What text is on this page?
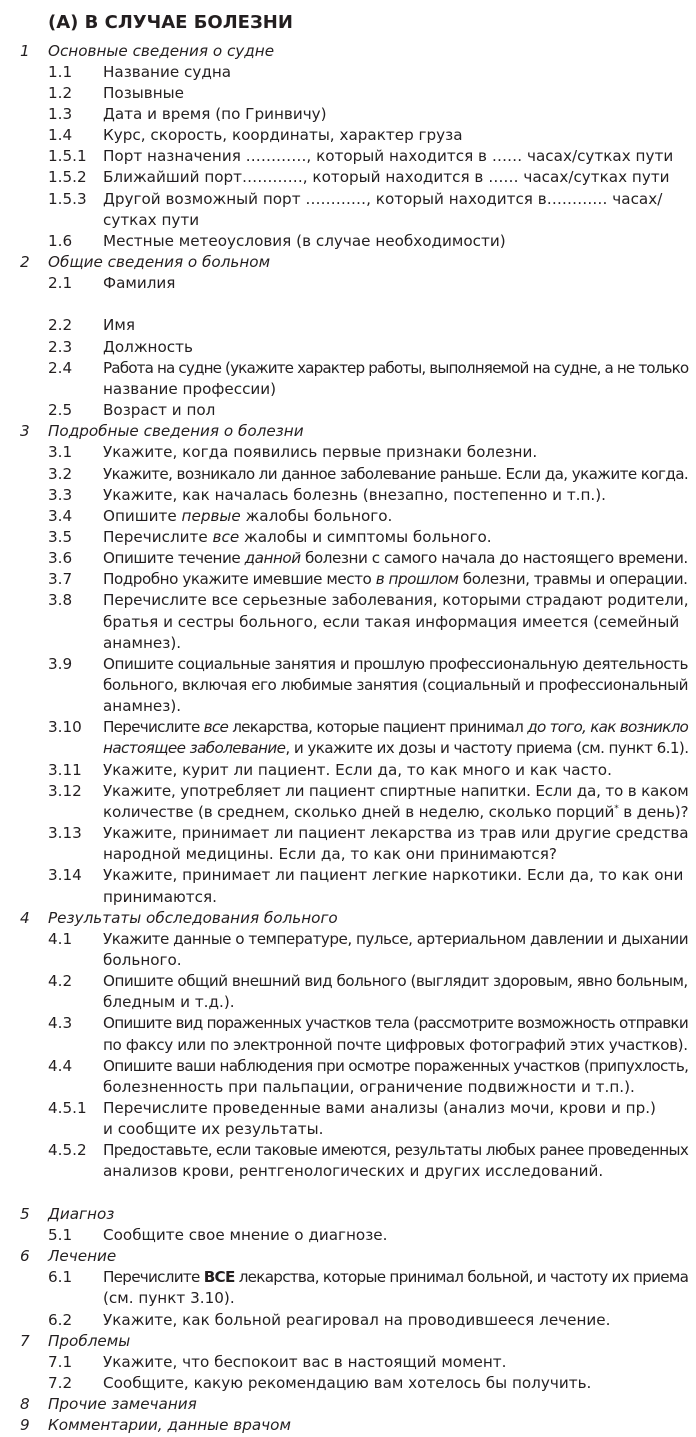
(А) В СЛУЧАЕ БОЛЕЗНИ
1 Основные сведения о судне
1.1 Название судна
1.2 Позывные
1.3 Дата и время (по Гринвичу)
1.4 Курс, скорость, координаты, характер груза
1.5.1 Порт назначения …………, который находится в …… часах/сутках пути
1.5.2 Ближайший порт…………, который находится в …… часах/сутках пути
1.5.3 Другой возможный порт …………, который находится в………… часах/
сутках пути
1.6 Местные метеоусловия (в случае необходимости)
2 Общие сведения о больном
2.1 Фамилия
2.2 Имя
2.3 Должность
2.4 Работа на судне (укажите характер работы, выполняемой на судне, а не только
название профессии)
2.5 Возраст и пол
3 Подробные сведения о болезни
3.1 Укажите, когда появились первые признаки болезни.
3.2 Укажите, возникало ли данное заболевание раньше. Если да, укажите когда.
3.3 Укажите, как началась болезнь (внезапно, постепенно и т.п.).
3.4 Опишите первые жалобы больного.
3.5 Перечислите все жалобы и симптомы больного.
3.6 Опишите течение данной болезни с самого начала до настоящего времени.
3.7 Подробно укажите имевшие место в прошлом болезни, травмы и операции.
3.8 Перечислите все серьезные заболевания, которыми страдают родители,
братья и сестры больного, если такая информация имеется (семейный
анамнез).
3.9 Опишите социальные занятия и прошлую профессиональную деятельность
больного, включая его любимые занятия (социальный и профессиональный
анамнез).
3.10 Перечислите все лекарства, которые пациент принимал до того, как возникло
настоящее заболевание, и укажите их дозы и частоту приема (см. пункт 6.1).
3.11 Укажите, курит ли пациент. Если да, то как много и как часто.
3.12 Укажите, употребляет ли пациент спиртные напитки. Если да, то в каком
количестве (в среднем, сколько дней в неделю, сколько порций* в день)?
3.13 Укажите, принимает ли пациент лекарства из трав или другие средства
народной медицины. Если да, то как они принимаются?
3.14 Укажите, принимает ли пациент легкие наркотики. Если да, то как они
принимаются.
4 Результаты обследования больного
4.1 Укажите данные о температуре, пульсе, артериальном давлении и дыхании
больного.
4.2 Опишите общий внешний вид больного (выглядит здоровым, явно больным,
бледным и т.д.).
4.3 Опишите вид пораженных участков тела (рассмотрите возможность отправки
по факсу или по электронной почте цифровых фотографий этих участков).
4.4 Опишите ваши наблюдения при осмотре пораженных участков (припухлость,
болезненность при пальпации, ограничение подвижности и т.п.).
4.5.1 Перечислите проведенные вами анализы (анализ мочи, крови и пр.)
и сообщите их результаты.
4.5.2 Предоставьте, если таковые имеются, результаты любых ранее проведенных
анализов крови, рентгенологических и других исследований.
5 Диагноз
5.1 Сообщите свое мнение о диагнозе.
6 Лечение
6.1 Перечислите ВСЕ лекарства, которые принимал больной, и частоту их приема
(см. пункт 3.10).
6.2 Укажите, как больной реагировал на проводившееся лечение.
7 Проблемы
7.1 Укажите, что беспокоит вас в настоящий момент.
7.2 Сообщите, какую рекомендацию вам хотелось бы получить.
8 Прочие замечания
9 Комментарии, данные врачом
